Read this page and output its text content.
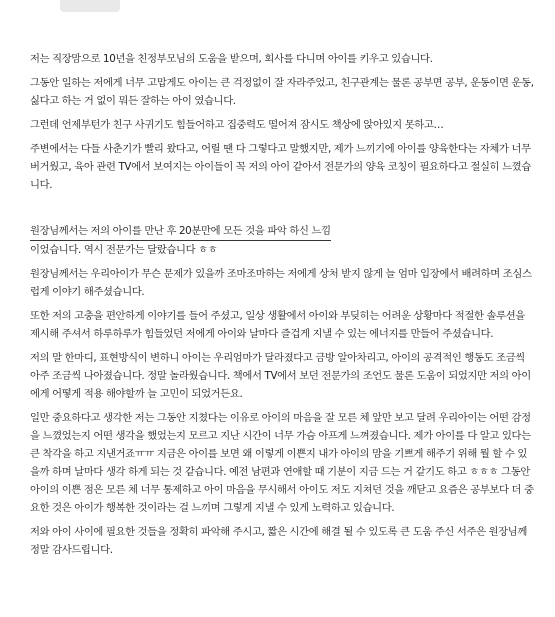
저는 직장맘으로 10년을 친정부모님의 도움을 받으며, 회사를 다니며 아이를 키우고 있습니다.

그동안 일하는 저에게 너무 고맙게도 아이는 큰 걱정없이 잘 자라주었고, 친구관계는 물론 공부면 공부, 운동이면 운동, 싫다고 하는 거 없이 뭐든 잘하는 아이 였습니다.

그런데 언제부턴가 친구 사귀기도 힘들어하고 집중력도 떨어져 잠시도 책상에 앉아있지 못하고…

주변에서는 다들 사춘기가 빨리 왔다고, 어릴 땐 다 그렇다고 말했지만, 제가 느끼기에 아이를 양육한다는 자체가 너무 버거웠고, 육아 관련 TV에서 보여지는 아이들이 꼭 저의 아이 같아서 전문가의 양육 코칭이 필요하다고 절실히 느꼈습니다.

원장님께서는 저의 아이를 만난 후 20분만에 모든 것을 파악 하신 느낌

이었습니다. 역시 전문가는 달랐습니다 ㅎㅎ

원장님께서는 우리아이가 무슨 문제가 있을까 조마조마하는 저에게 상처 받지 않게 늘 엄마 입장에서 배려하며 조심스럽게 이야기 해주셨습니다.

또한 저의 고충을 편안하게 이야기를 들어 주셨고, 일상 생활에서 아이와 부딪히는 어려운 상황마다 적절한 솔루션을 제시해 주셔서 하루하루가 힘들었던 저에게 아이와 날마다 즐겁게 지낼 수 있는 에너지를 만들어 주셨습니다.

저의 말 한마디, 표현방식이 변하니 아이는 우리엄마가 달라졌다고 금방 알아차리고, 아이의 공격적인 행동도 조금씩 아주 조금씩 나아졌습니다. 정말 놀라웠습니다. 책에서 TV에서 보던 전문가의 조언도 물론 도움이 되었지만 저의 아이에게 어떻게 적용 해야할까 늘 고민이 되었거든요.

일만 중요하다고 생각한 저는 그동안 지쳤다는 이유로 아이의 마음을 잘 모른 체 앞만 보고 달려 우리아이는 어떤 감정을 느꼈었는지 어떤 생각을 했었는지 모르고 지난 시간이 너무 가슴 아프게 느껴졌습니다. 제가 아이를 다 알고 있다는 큰 착각을 하고 지낸거죠ㅠㅠ 지금은 아이를 보면 왜 이렇게 이쁜지 내가 아이의 맘을 기쁘게 해주기 위해 뭘 할 수 있을까 하며 날마다 생각 하게 되는 것 같습니다. 예전 남편과 연애할 때 기분이 지금 드는 거 같기도 하고 ㅎㅎㅎ 그동안 아이의 이쁜 점은 모른 체 너무 통제하고 아이 마음을 무시해서 아이도 저도 지쳐던 것을 깨닫고 요즘은 공부보다 더 중요한 것은 아이가 행복한 것이라는 걸 느끼며 그렇게 지낼 수 있게 노력하고 있습니다.

저와 아이 사이에 필요한 것들을 정확히 파악해 주시고, 짧은 시간에 해결 될 수 있도록 큰 도움 주신 서주은 원장님께 정말 감사드립니다.
